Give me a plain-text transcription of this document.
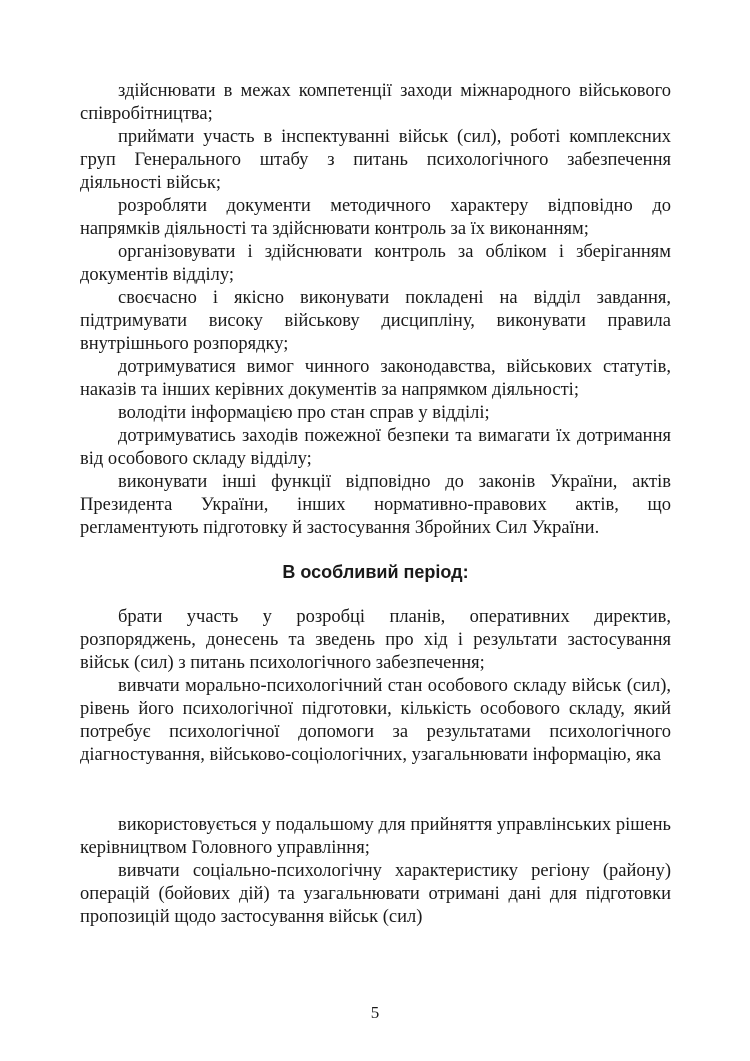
здійснювати в межах компетенції заходи міжнародного військового співробітництва;

приймати участь в інспектуванні військ (сил), роботі комплексних груп Генерального штабу з питань психологічного забезпечення діяльності військ;

розробляти документи методичного характеру відповідно до напрямків діяльності та здійснювати контроль за їх виконанням;

організовувати і здійснювати контроль за обліком і зберіганням документів відділу;

своєчасно і якісно виконувати покладені на відділ завдання, підтримувати високу військову дисципліну, виконувати правила внутрішнього розпорядку;

дотримуватися вимог чинного законодавства, військових статутів, наказів та інших керівних документів за напрямком діяльності;

володіти інформацією про стан справ у відділі;

дотримуватись заходів пожежної безпеки та вимагати їх дотримання від особового складу відділу;

виконувати інші функції відповідно до законів України, актів Президента України, інших нормативно-правових актів, що регламентують підготовку й застосування Збройних Сил України.

В особливий період:

брати участь у розробці планів, оперативних директив, розпоряджень, донесень та зведень про хід і результати застосування військ (сил) з питань психологічного забезпечення;

вивчати морально-психологічний стан особового складу військ (сил), рівень його психологічної підготовки, кількість особового складу, який потребує психологічної допомоги за результатами психологічного діагностування, військово-соціологічних, узагальнювати інформацію, яка

використовується у подальшому для прийняття управлінських рішень керівництвом Головного управління;

вивчати соціально-психологічну характеристику регіону (району) операцій (бойових дій) та узагальнювати отримані дані для підготовки пропозицій щодо застосування військ (сил)

5
